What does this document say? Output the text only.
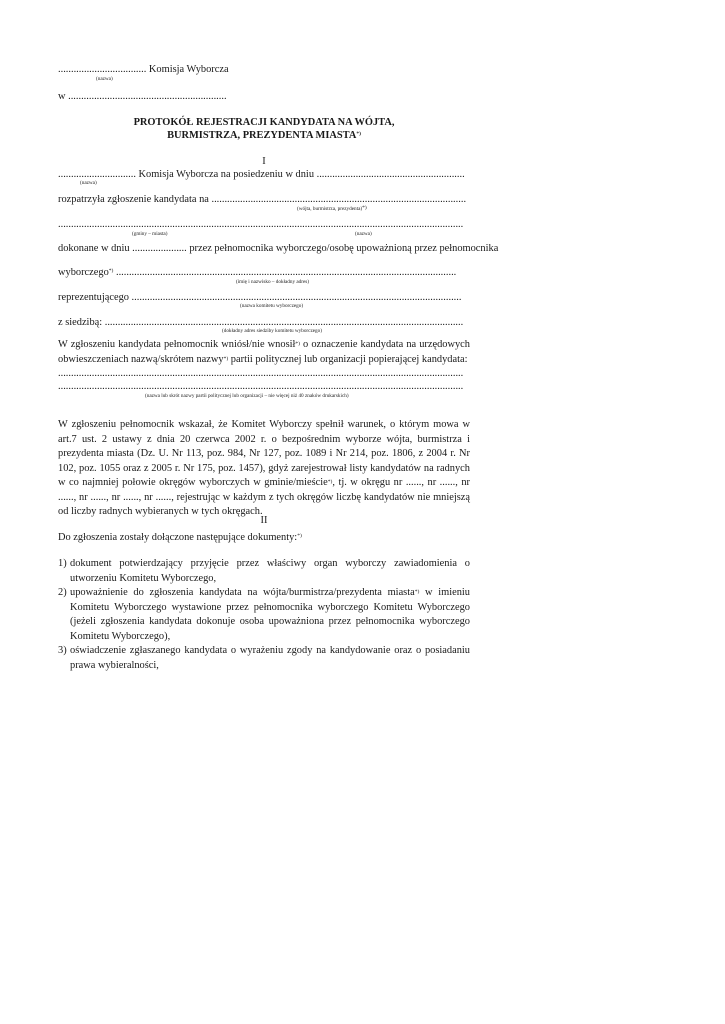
.................................. Komisja Wyborcza
(nazwa)
w .............................................................
PROTOKÓŁ REJESTRACJI KANDYDATA NA WÓJTA,
BURMISTRZA, PREZYDENTA MIASTA*)
I
.............................. Komisja Wyborcza na posiedzeniu w dniu .........................................................
(nazwa)
rozpatrzyła zgłoszenie kandydata na ..................................................................................................
(wójta, burmistrza, prezydenta)*)
............................................................................................................................................................
(gminy – miasta)	(nazwa)
dokonane w dniu ..................... przez pełnomocnika wyborczego/osobę upoważnioną przez pełnomocnika
wyborczego*) ...................................................................................................................................
(imię i nazwisko – dokładny adres)
reprezentującego ...............................................................................................................................
(nazwa komitetu wyborczego)
z siedzibą: ..........................................................................................................................................
(dokładny adres siedziby komitetu wyborczego)
W zgłoszeniu kandydata pełnomocnik wniósł/nie wnosił*) o oznaczenie kandydata na urzędowych obwieszczeniach nazwą/skrótem nazwy*) partii politycznej lub organizacji popierającej kandydata:
............................................................................................................................................................
............................................................................................................................................................
(nazwa lub skrót nazwy partii politycznej lub organizacji – nie więcej niż 40 znaków drukarskich)
W zgłoszeniu pełnomocnik wskazał, że Komitet Wyborczy spełnił warunek, o którym mowa w art.7 ust. 2 ustawy z dnia 20 czerwca 2002 r. o bezpośrednim wyborze wójta, burmistrza i prezydenta miasta (Dz. U. Nr 113, poz. 984, Nr 127, poz. 1089 i Nr 214, poz. 1806, z 2004 r. Nr 102, poz. 1055 oraz z 2005 r. Nr 175, poz. 1457), gdyż zarejestrował listy kandydatów na radnych w co najmniej połowie okręgów wyborczych w gminie/mieście*), tj. w okręgu nr ......, nr ......, nr ......, nr ......, nr ......, nr ......, rejestrując w każdym z tych okręgów liczbę kandydatów nie mniejszą od liczby radnych wybieranych w tych okręgach.
II
Do zgłoszenia zostały dołączone następujące dokumenty:*)
1) dokument potwierdzający przyjęcie przez właściwy organ wyborczy zawiadomienia o utworzeniu Komitetu Wyborczego,
2) upoważnienie do zgłoszenia kandydata na wójta/burmistrza/prezydenta miasta*) w imieniu Komitetu Wyborczego wystawione przez pełnomocnika wyborczego Komitetu Wyborczego (jeżeli zgłoszenia kandydata dokonuje osoba upoważniona przez pełnomocnika wyborczego Komitetu Wyborczego),
3) oświadczenie zgłaszanego kandydata o wyrażeniu zgody na kandydowanie oraz o posiadaniu prawa wybieralności,
